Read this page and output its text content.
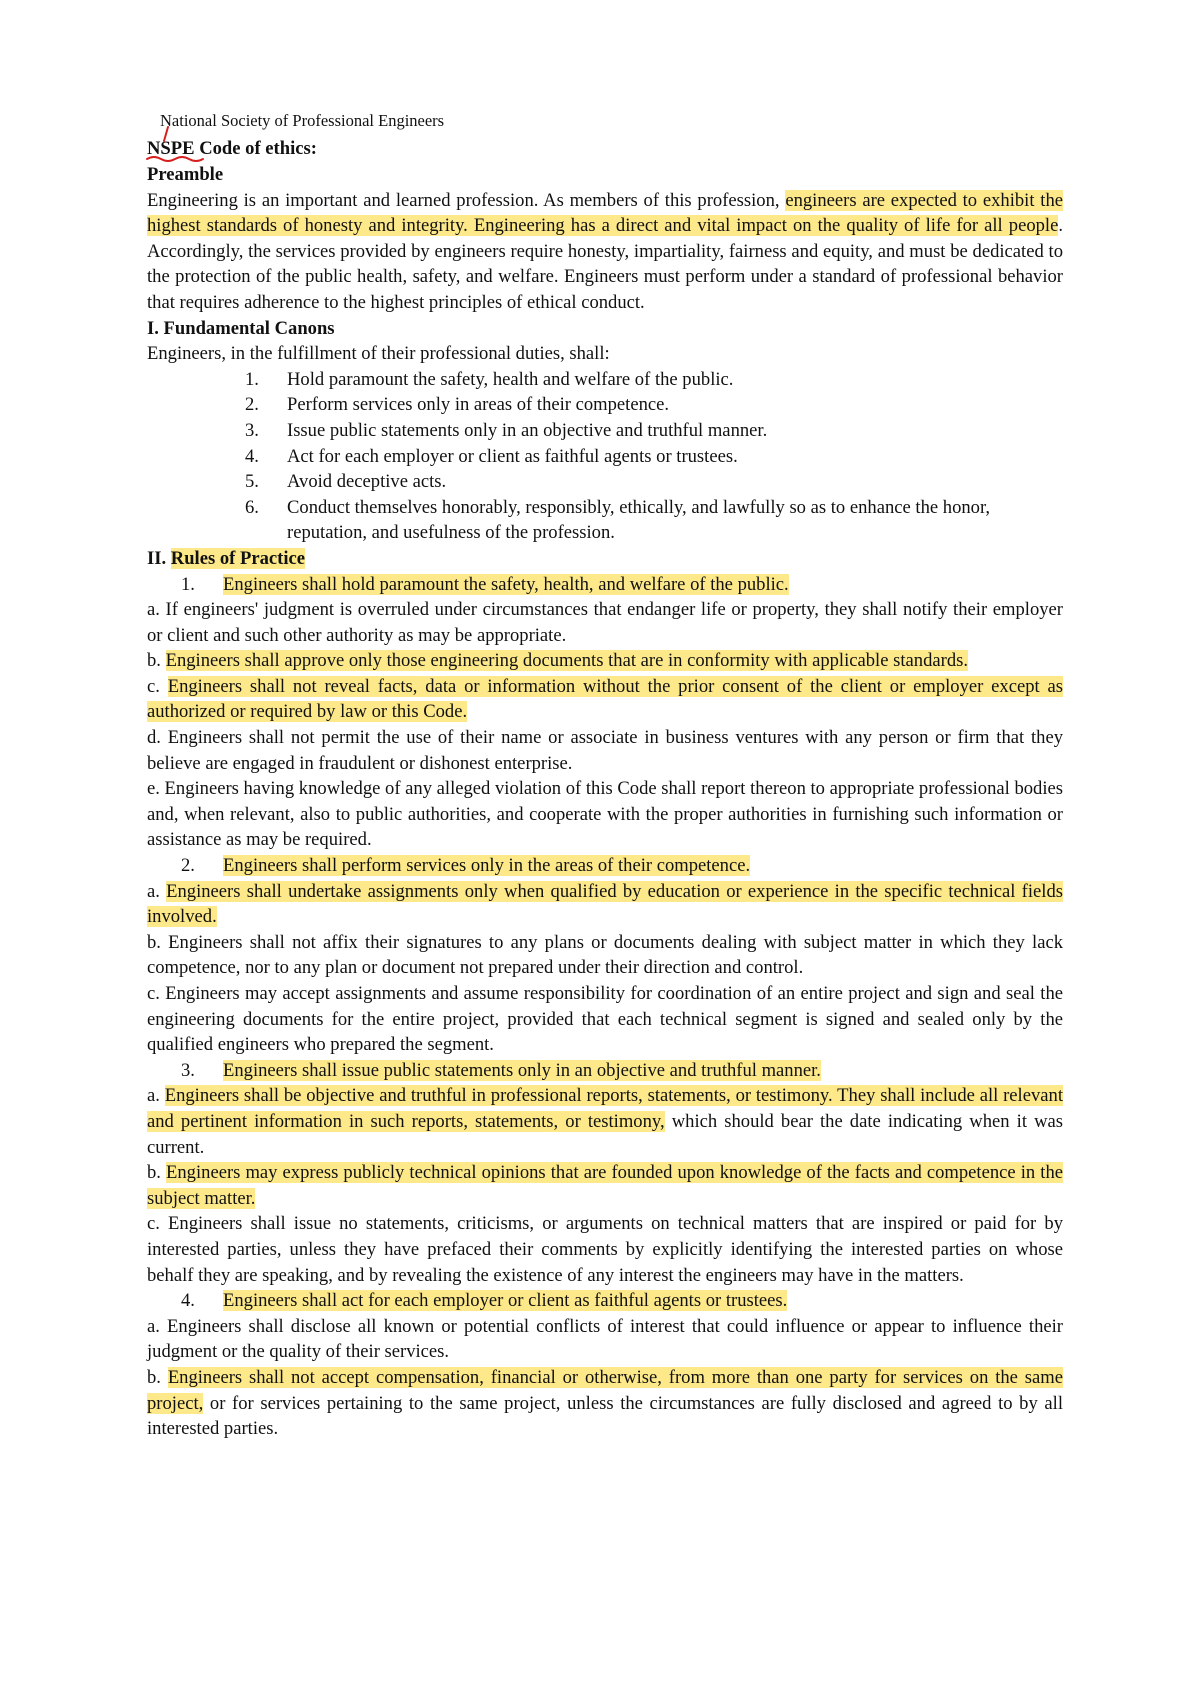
National Society of Professional Engineers
NSPE
Code of ethics:
Preamble

Engineering is an important and learned profession. As members of this profession, engineers are expected to exhibit the highest standards of honesty and integrity. Engineering has a direct and vital impact on the quality of life for all people. Accordingly, the services provided by engineers require honesty, impartiality, fairness and equity, and must be dedicated to the protection of the public health, safety, and welfare. Engineers must perform under a standard of professional behavior that requires adherence to the highest principles of ethical conduct.

I. Fundamental Canons

Engineers, in the fulfillment of their professional duties, shall:

1.	Hold paramount the safety, health and welfare of the public.
2.	Perform services only in areas of their competence.
3.	Issue public statements only in an objective and truthful manner.
4.	Act for each employer or client as faithful agents or trustees.
5.	Avoid deceptive acts.
6.	Conduct themselves honorably, responsibly, ethically, and lawfully so as to enhance the honor, reputation, and usefulness of the profession.
II. Rules of Practice
1.	Engineers shall hold paramount the safety, health, and welfare of the public.

a. If engineers' judgment is overruled under circumstances that endanger life or property, they shall notify their employer or client and such other authority as may be appropriate.

b. Engineers shall approve only those engineering documents that are in conformity with applicable standards.

c. Engineers shall not reveal facts, data or information without the prior consent of the client or employer except as authorized or required by law or this Code.

d. Engineers shall not permit the use of their name or associate in business ventures with any person or firm that they believe are engaged in fraudulent or dishonest enterprise.

e. Engineers having knowledge of any alleged violation of this Code shall report thereon to appropriate professional bodies and, when relevant, also to public authorities, and cooperate with the proper authorities in furnishing such information or assistance as may be required.

2.	Engineers shall perform services only in the areas of their competence.

a. Engineers shall undertake assignments only when qualified by education or experience in the specific technical fields involved.

b. Engineers shall not affix their signatures to any plans or documents dealing with subject matter in which they lack competence, nor to any plan or document not prepared under their direction and control.

c. Engineers may accept assignments and assume responsibility for coordination of an entire project and sign and seal the engineering documents for the entire project, provided that each technical segment is signed and sealed only by the qualified engineers who prepared the segment.

3.	Engineers shall issue public statements only in an objective and truthful manner.

a. Engineers shall be objective and truthful in professional reports, statements, or testimony. They shall include all relevant and pertinent information in such reports, statements, or testimony, which should bear the date indicating when it was current.

b. Engineers may express publicly technical opinions that are founded upon knowledge of the facts and competence in the subject matter.

c. Engineers shall issue no statements, criticisms, or arguments on technical matters that are inspired or paid for by interested parties, unless they have prefaced their comments by explicitly identifying the interested parties on whose behalf they are speaking, and by revealing the existence of any interest the engineers may have in the matters.

4.	Engineers shall act for each employer or client as faithful agents or trustees.

a. Engineers shall disclose all known or potential conflicts of interest that could influence or appear to influence their judgment or the quality of their services.

b. Engineers shall not accept compensation, financial or otherwise, from more than one party for services on the same project, or for services pertaining to the same project, unless the circumstances are fully disclosed and agreed to by all interested parties.
